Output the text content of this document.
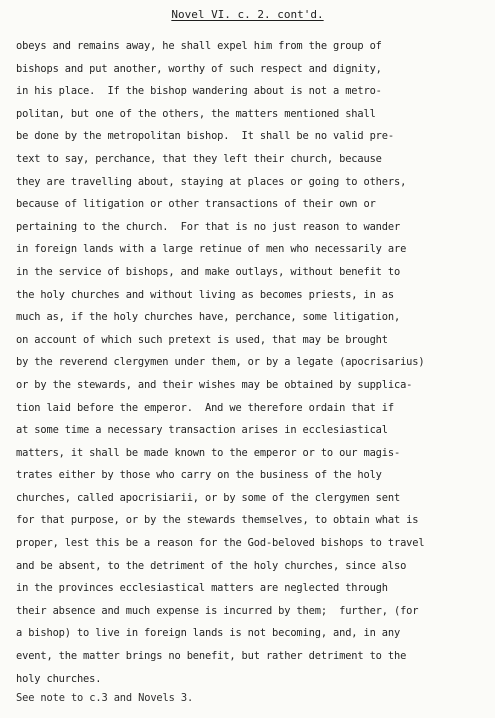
Novel VI. c. 2. cont'd.
obeys and remains away, he shall expel him from the group of
bishops and put another, worthy of such respect and dignity,
in his place.  If the bishop wandering about is not a metro-
politan, but one of the others, the matters mentioned shall
be done by the metropolitan bishop.  It shall be no valid pre-
text to say, perchance, that they left their church, because
they are travelling about, staying at places or going to others,
because of litigation or other transactions of their own or
pertaining to the church.  For that is no just reason to wander
in foreign lands with a large retinue of men who necessarily are
in the service of bishops, and make outlays, without benefit to
the holy churches and without living as becomes priests, in as
much as, if the holy churches have, perchance, some litigation,
on account of which such pretext is used, that may be brought
by the reverend clergymen under them, or by a legate (apocrisarius)
or by the stewards, and their wishes may be obtained by supplica-
tion laid before the emperor.  And we therefore ordain that if
at some time a necessary transaction arises in ecclesiastical
matters, it shall be made known to the emperor or to our magis-
trates either by those who carry on the business of the holy
churches, called apocrisiarii, or by some of the clergymen sent
for that purpose, or by the stewards themselves, to obtain what is
proper, lest this be a reason for the God-beloved bishops to travel
and be absent, to the detriment of the holy churches, since also
in the provinces ecclesiastical matters are neglected through
their absence and much expense is incurred by them;  further, (for
a bishop) to live in foreign lands is not becoming, and, in any
event, the matter brings no benefit, but rather detriment to the
holy churches.
See note to c.3 and Novels 3.
